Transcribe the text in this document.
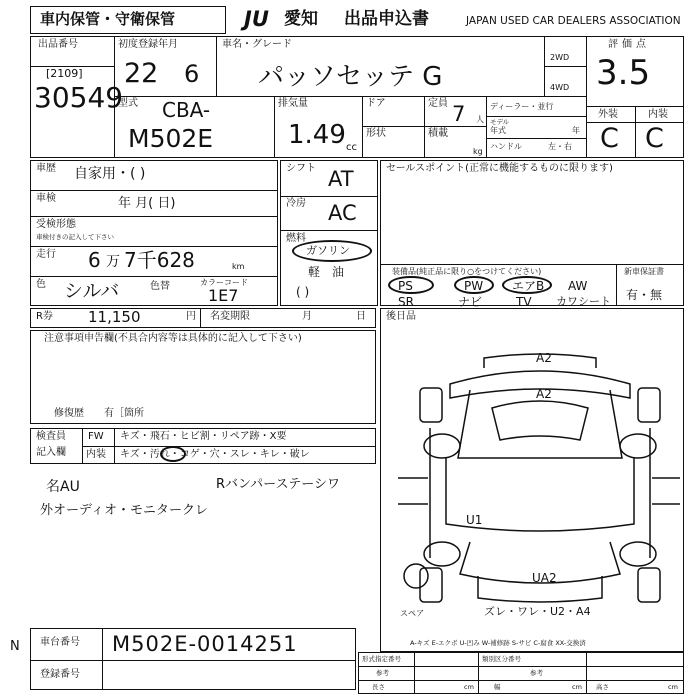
車内保管・守衛保管	JU 愛知 出品申込書	JAPAN USED CAR DEALERS ASSOCIATION
出品番号
[2109]
30549
初度登録年月
22 6
車名・グレード
パッソセッテ G
2WD
4WD
評価点
3.5
型式 CBA-
M502E
排気量
1.49 cc
ドア
形状
定員 7 人
積載
kg
ディーラー・並行
モデル
年式	年
ハンドル	左・右
外装	内装
C C
車歴 自家用・( )
車検	年 月( 日)
受検形態
車検付きの記入して下さい
走行 6 万 7千628	km
色 シルバ	色替	カラーコード
1E7
シフト AT
冷房 AC
燃料
ガソリン
軽　油
( )
セールスポイント(正常に機能するものに限ります)
装備品(純正品に限り○をつけてください)	新車保証書
有・無
PS	PW エアB AW
SR	ナビ	TV カワシート
R券 11,150	円 名変期限	月	日
注意事項申告欄(不具合内容等は具体的に記入して下さい)
修復歴　　有［箇所
検査員
記入欄
FW キズ・飛石・ヒビ割・リペア跡・X要
内装 キズ・汚れ・コゲ・穴・スレ・キレ・破レ
名AU	Rバンパーステーシワ
外オーディオ・モニタークレ
後日品
A2
A2
U1
UA2
ズレ・ワレ・U2・A4
スペア
A-キズ E-エクボ U-凹み W-補修跡 S-サビ C-腐食 XX-交換済
N 車台番号 M502E-0014251
登録番号
形式指定番号	類別区分番号
参考	参考
長さ	cm	幅	cm 高さ	cm
